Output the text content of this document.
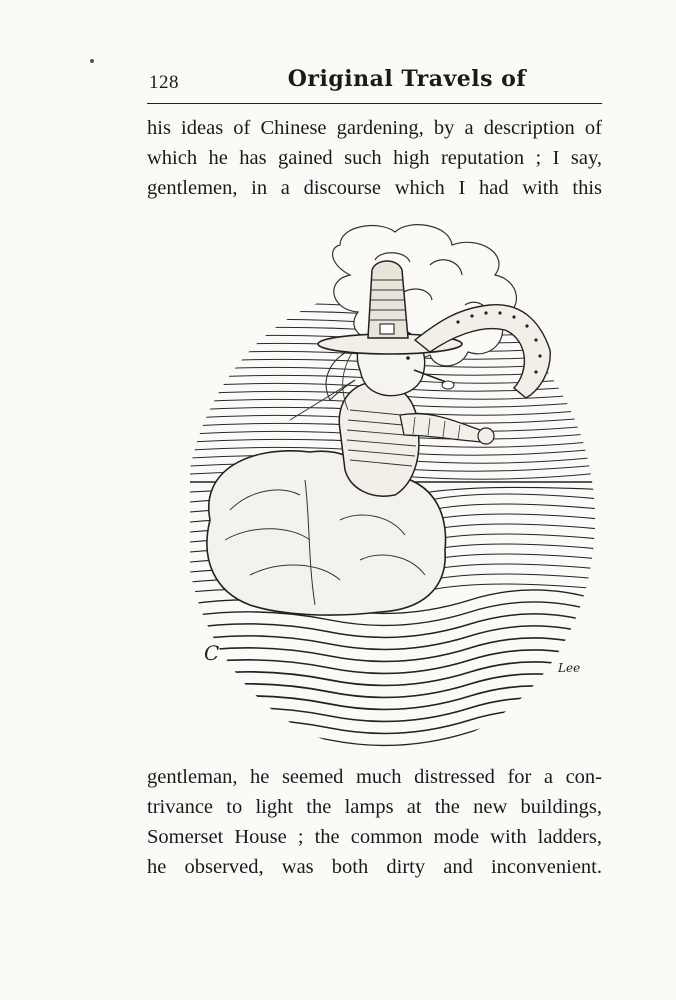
128	Original Travels of
his ideas of Chinese gardening, by a description of
which he has gained such high reputation ; I say,
gentlemen, in a discourse which I had with this
C
Lee
gentleman, he seemed much distressed for a con-
trivance to light the lamps at the new buildings,
Somerset House ; the common mode with ladders,
he observed, was both dirty and inconvenient.
